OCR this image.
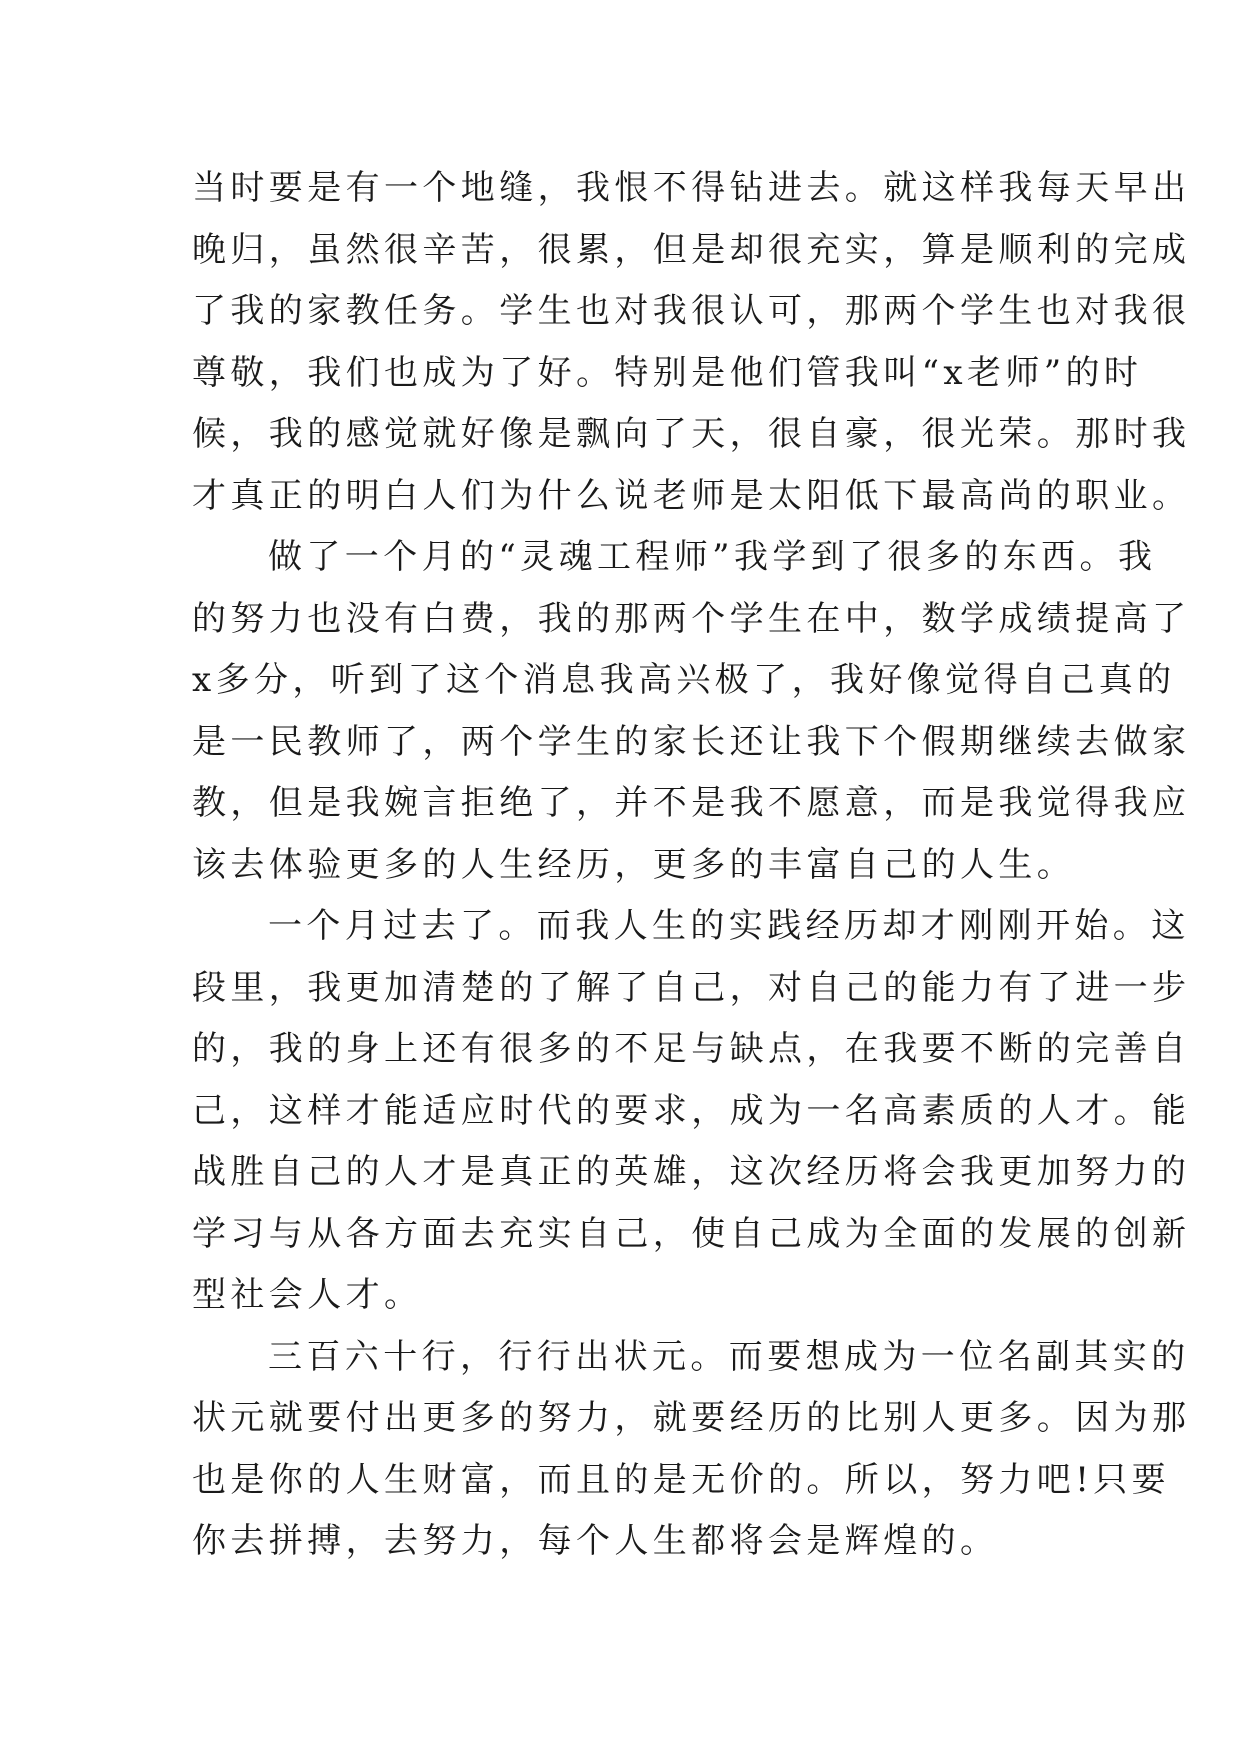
当时要是有一个地缝，我恨不得钻进去。就这样我每天早出
晚归，虽然很辛苦，很累，但是却很充实，算是顺利的完成
了我的家教任务。学生也对我很认可，那两个学生也对我很
尊敬，我们也成为了好。特别是他们管我叫“x老师”的时
候，我的感觉就好像是飘向了天，很自豪，很光荣。那时我
才真正的明白人们为什么说老师是太阳低下最高尚的职业。
做了一个月的“灵魂工程师”我学到了很多的东西。我
的努力也没有白费，我的那两个学生在中，数学成绩提高了
x多分，听到了这个消息我高兴极了，我好像觉得自己真的
是一民教师了，两个学生的家长还让我下个假期继续去做家
教，但是我婉言拒绝了，并不是我不愿意，而是我觉得我应
该去体验更多的人生经历，更多的丰富自己的人生。
一个月过去了。而我人生的实践经历却才刚刚开始。这
段里，我更加清楚的了解了自己，对自己的能力有了进一步
的，我的身上还有很多的不足与缺点，在我要不断的完善自
己，这样才能适应时代的要求，成为一名高素质的人才。能
战胜自己的人才是真正的英雄，这次经历将会我更加努力的
学习与从各方面去充实自己，使自己成为全面的发展的创新
型社会人才。
三百六十行，行行出状元。而要想成为一位名副其实的
状元就要付出更多的努力，就要经历的比别人更多。因为那
也是你的人生财富，而且的是无价的。所以，努力吧!只要
你去拼搏，去努力，每个人生都将会是辉煌的。
